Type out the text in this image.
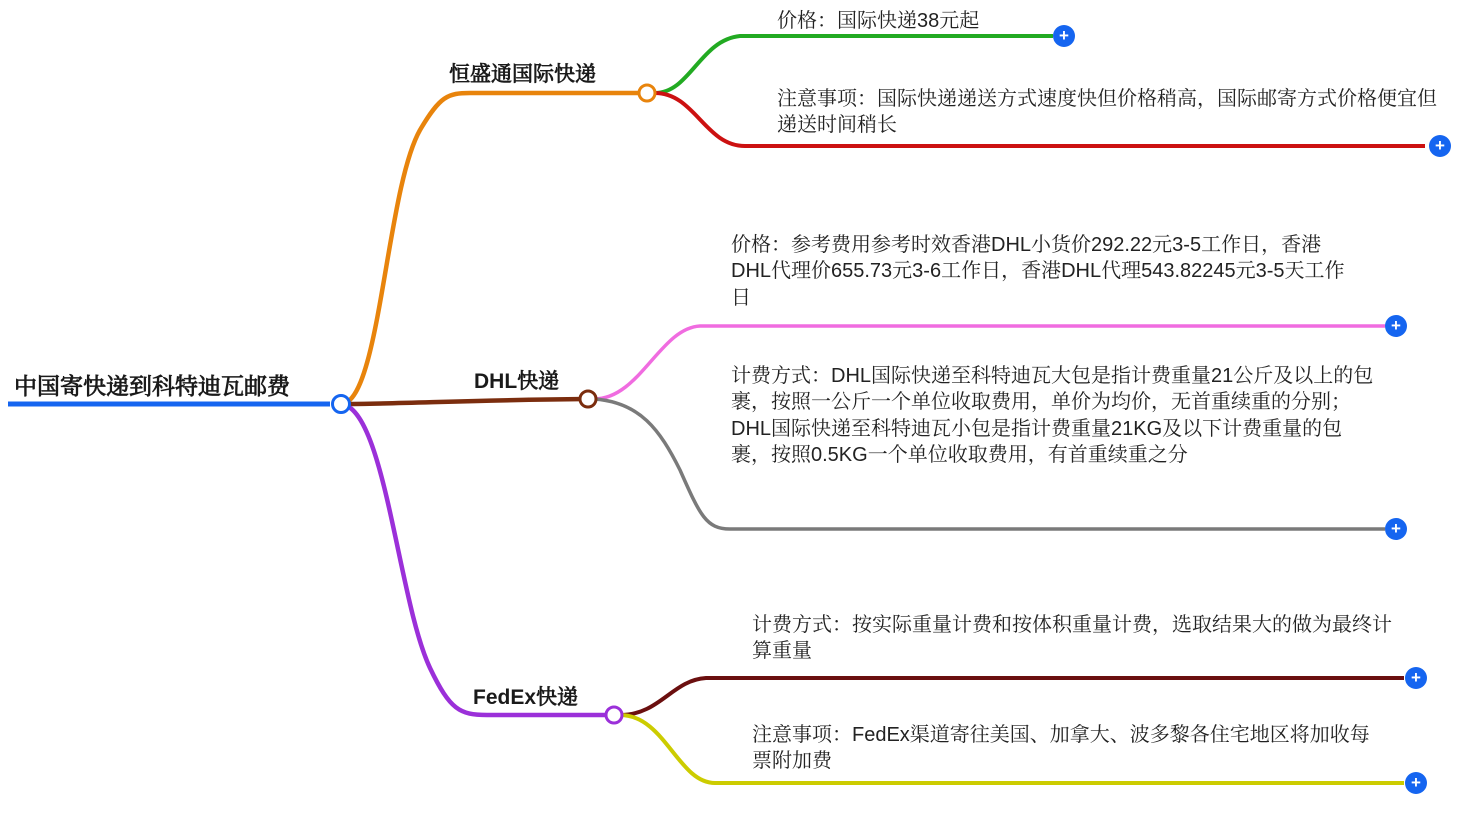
中国寄快递到科特迪瓦邮费
恒盛通国际快递
价格：国际快递38元起
+
注意事项：国际快递递送方式速度快但价格稍高，国际邮寄方式价格便宜但递送时间稍长
+
DHL快递
价格：参考费用参考时效香港DHL小货价292.22元3-5工作日，香港DHL代理价655.73元3-6工作日，香港DHL代理543.82245元3-5天工作日
+
计费方式：DHL国际快递至科特迪瓦大包是指计费重量21公斤及以上的包裹，按照一公斤一个单位收取费用，单价为均价，无首重续重的分别；DHL国际快递至科特迪瓦小包是指计费重量21KG及以下计费重量的包裹，按照0.5KG一个单位收取费用，有首重续重之分
+
FedEx快递
计费方式：按实际重量计费和按体积重量计费，选取结果大的做为最终计算重量
+
注意事项：FedEx渠道寄往美国、加拿大、波多黎各住宅地区将加收每票附加费
+
